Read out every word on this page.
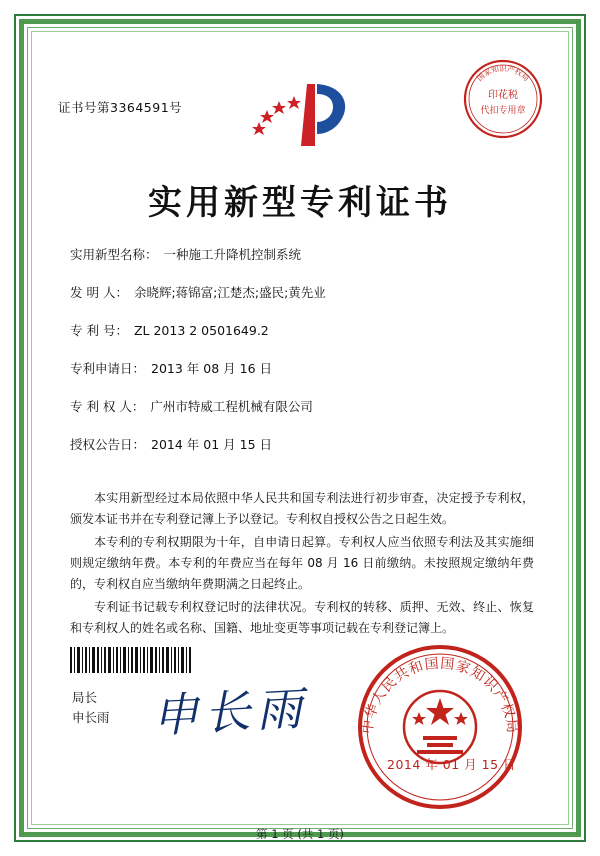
证书号第3364591号
国家知识产权局
印花税
代扣专用章
实用新型专利证书
实用新型名称： 一种施工升降机控制系统
发 明 人： 余晓辉;蒋锦富;江楚杰;盛民;黄先业
专 利 号： ZL 2013 2 0501649.2
专利申请日： 2013 年 08 月 16 日
专 利 权 人： 广州市特威工程机械有限公司
授权公告日： 2014 年 01 月 15 日

本实用新型经过本局依照中华人民共和国专利法进行初步审查，决定授予专利权，颁发本证书并在专利登记簿上予以登记。专利权自授权公告之日起生效。

本专利的专利权期限为十年，自申请日起算。专利权人应当依照专利法及其实施细则规定缴纳年费。本专利的年费应当在每年 08 月 16 日前缴纳。未按照规定缴纳年费的，专利权自应当缴纳年费期满之日起终止。

专利证书记载专利权登记时的法律状况。专利权的转移、质押、无效、终止、恢复和专利权人的姓名或名称、国籍、地址变更等事项记载在专利登记簿上。

局长
申长雨 申长雨	中华人民共和国国家知识产权局
2014 年 01 月 15 日
第 1 页 (共 1 页)
